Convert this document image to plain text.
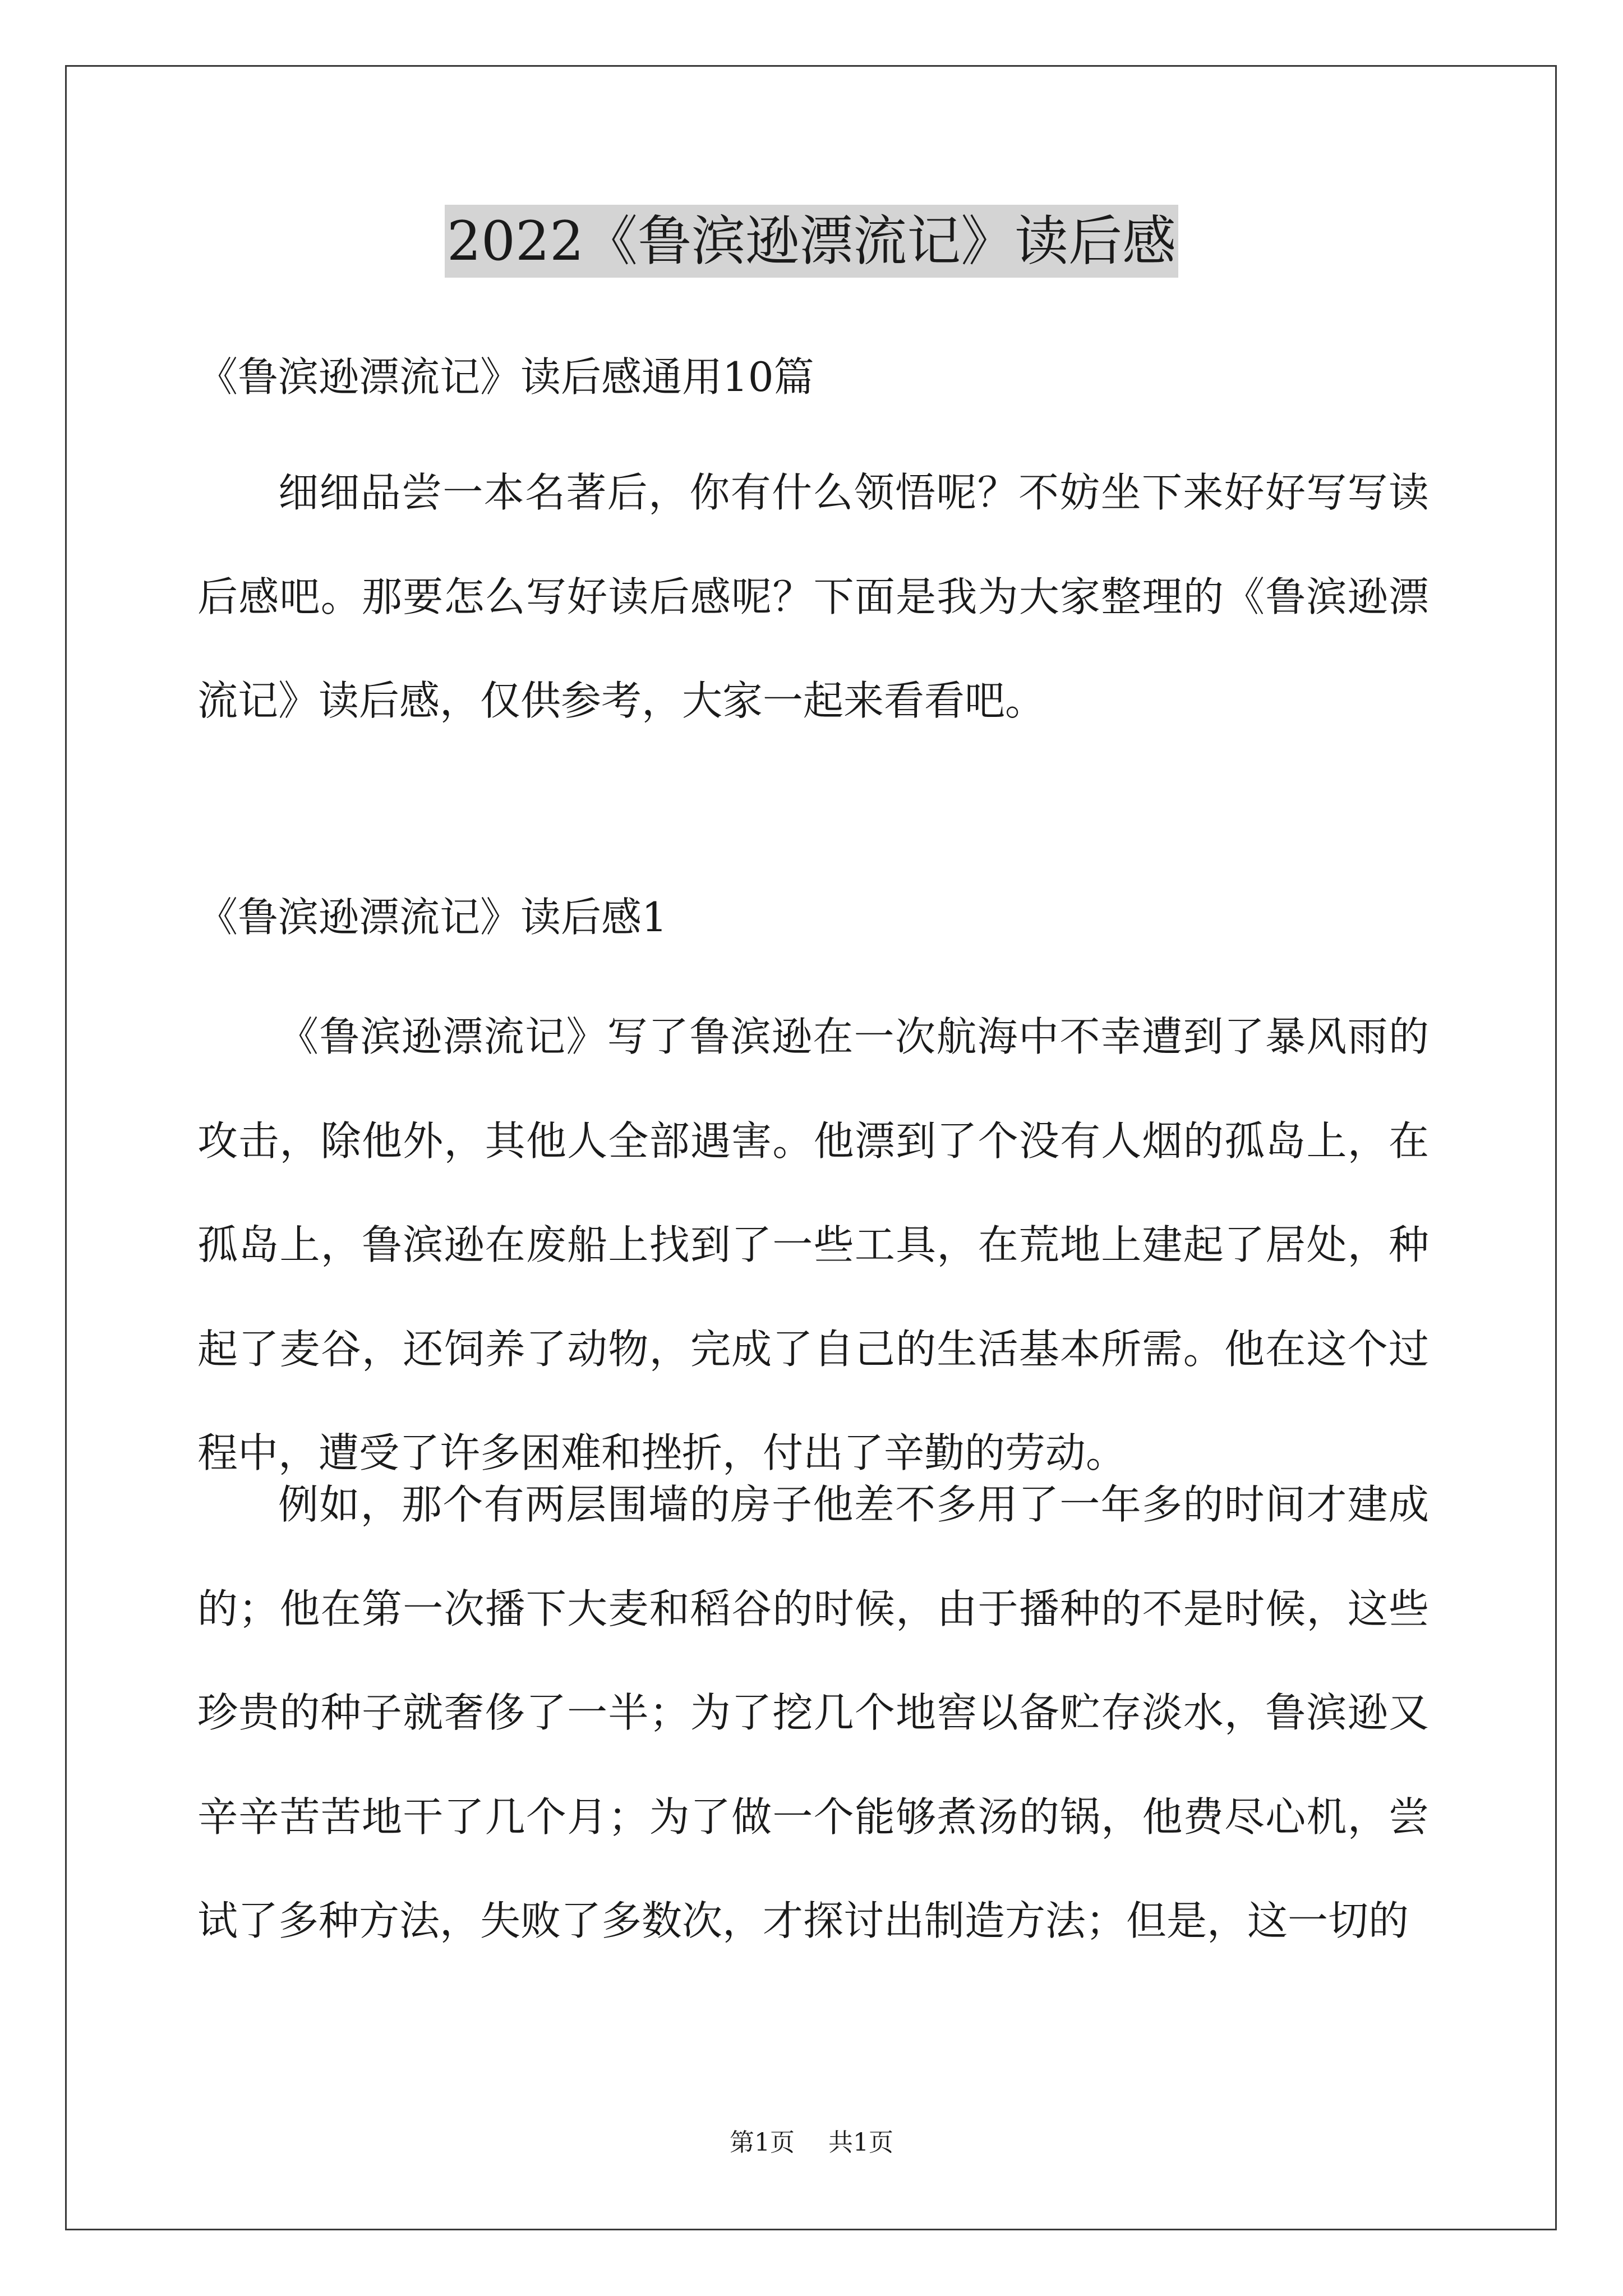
2022《鲁滨逊漂流记》读后感
《鲁滨逊漂流记》读后感通用10篇

细细品尝一本名著后，你有什么领悟呢？不妨坐下来好好写写读后感吧。那要怎么写好读后感呢？下面是我为大家整理的《鲁滨逊漂流记》读后感，仅供参考，大家一起来看看吧。

《鲁滨逊漂流记》读后感1

《鲁滨逊漂流记》写了鲁滨逊在一次航海中不幸遭到了暴风雨的攻击，除他外，其他人全部遇害。他漂到了个没有人烟的孤岛上，在孤岛上，鲁滨逊在废船上找到了一些工具，在荒地上建起了居处，种起了麦谷，还饲养了动物，完成了自己的生活基本所需。他在这个过程中，遭受了许多困难和挫折，付出了辛勤的劳动。

例如，那个有两层围墙的房子他差不多用了一年多的时间才建成的；他在第一次播下大麦和稻谷的时候，由于播种的不是时候，这些珍贵的种子就奢侈了一半；为了挖几个地窖以备贮存淡水，鲁滨逊又辛辛苦苦地干了几个月；为了做一个能够煮汤的锅，他费尽心机，尝试了多种方法，失败了多数次，才探讨出制造方法；但是，这一切的

第1页 共1页
